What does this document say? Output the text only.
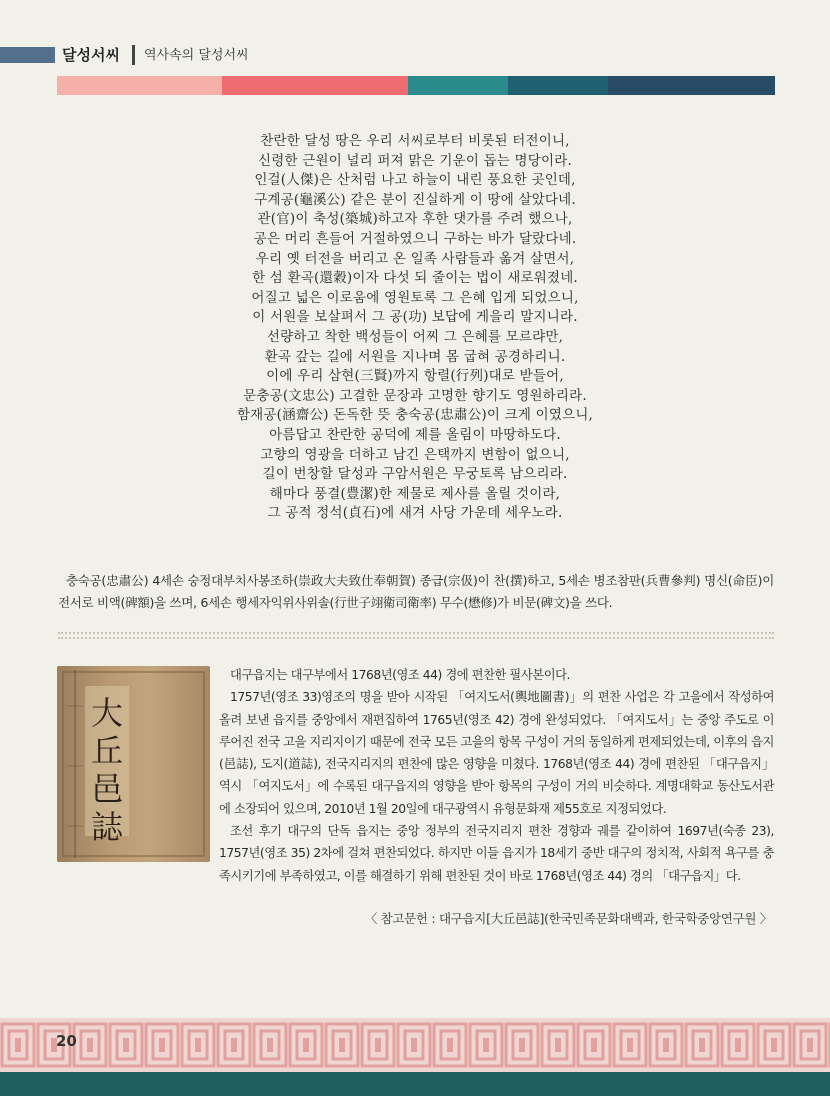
달성서씨 역사속의 달성서씨
찬란한 달성 땅은 우리 서씨로부터 비롯된 터전이니,
신령한 근원이 널리 퍼져 맑은 기운이 돕는 명당이라.
인걸(人傑)은 산처럼 나고 하늘이 내린 풍요한 곳인데,
구계공(龜溪公) 같은 분이 진실하게 이 땅에 살았다네.
관(官)이 축성(築城)하고자 후한 댓가를 주려 했으나,
공은 머리 흔들어 거절하였으니 구하는 바가 달랐다네.
우리 옛 터전을 버리고 온 일족 사람들과 옮겨 살면서,
한 섬 환곡(還穀)이자 다섯 되 줄이는 법이 새로워졌네.
어질고 넓은 이로움에 영원토록 그 은혜 입게 되었으니,
이 서원을 보살펴서 그 공(功) 보답에 게을리 말지니라.
선량하고 착한 백성들이 어찌 그 은혜를 모르랴만,
환곡 갚는 길에 서원을 지나며 몸 굽혀 공경하리니.
이에 우리 삼현(三賢)까지 항렬(行列)대로 받들어,
문충공(文忠公) 고결한 문장과 고명한 향기도 영원하리라.
함재공(涵齋公) 돈독한 뜻 충숙공(忠肅公)이 크게 이였으니,
아름답고 찬란한 공덕에 제를 올림이 마땅하도다.
고향의 영광을 더하고 남긴 은택까지 변함이 없으니,
길이 번창할 달성과 구암서원은 무궁토록 남으리라.
해마다 풍결(豊潔)한 제물로 제사를 올릴 것이라,
그 공적 정석(貞石)에 새겨 사당 가운데 세우노라.
충숙공(忠肅公) 4세손 숭정대부치사봉조하(崇政大夫致仕奉朝賀) 종급(宗伋)이 찬(撰)하고, 5세손 병조참판(兵曹參判) 명신(命臣)이 전서로 비액(碑額)을 쓰며, 6세손 행세자익위사위솔(行世子翊衛司衛率) 무수(懋修)가 비문(碑文)을 쓰다.
大
丘
邑
誌

대구읍지는 대구부에서 1768년(영조 44) 경에 편찬한 필사본이다.

1757년(영조 33)영조의 명을 받아 시작된 「여지도서(輿地圖書)」의 편찬 사업은 각 고을에서 작성하여 올려 보낸 읍지를 중앙에서 재편집하여 1765년(영조 42) 경에 완성되었다. 「여지도서」는 중앙 주도로 이루어진 전국 고을 지리지이기 때문에 전국 모든 고을의 항목 구성이 거의 동일하게 편제되었는데, 이후의 읍지(邑誌), 도지(道誌), 전국지리지의 편찬에 많은 영향을 미쳤다. 1768년(영조 44) 경에 편찬된 「대구읍지」 역시 「여지도서」에 수록된 대구읍지의 영향을 받아 항목의 구성이 거의 비슷하다. 계명대학교 동산도서관에 소장되어 있으며, 2010년 1월 20일에 대구광역시 유형문화재 제55호로 지정되었다.

조선 후기 대구의 단독 읍지는 중앙 정부의 전국지리지 편찬 경향과 궤를 같이하여 1697년(숙종 23), 1757년(영조 35) 2차에 걸쳐 편찬되었다. 하지만 이들 읍지가 18세기 중반 대구의 정치적, 사회적 욕구를 충족시키기에 부족하였고, 이를 해결하기 위해 편찬된 것이 바로 1768년(영조 44) 경의 「대구읍지」다.

〈 참고문헌 : 대구읍지[大丘邑誌](한국민족문화대백과, 한국학중앙연구원 〉
20
